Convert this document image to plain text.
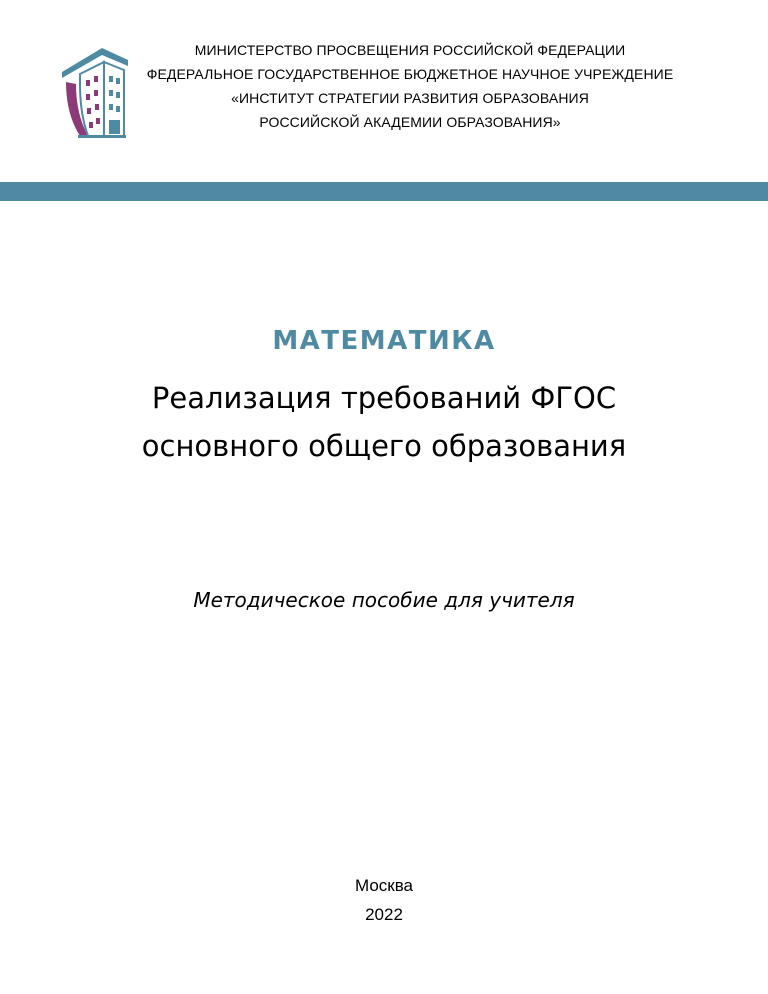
МИНИСТЕРСТВО ПРОСВЕЩЕНИЯ РОССИЙСКОЙ ФЕДЕРАЦИИ
ФЕДЕРАЛЬНОЕ ГОСУДАРСТВЕННОЕ БЮДЖЕТНОЕ НАУЧНОЕ УЧРЕЖДЕНИЕ
«ИНСТИТУТ СТРАТЕГИИ РАЗВИТИЯ ОБРАЗОВАНИЯ
РОССИЙСКОЙ АКАДЕМИИ ОБРАЗОВАНИЯ»
МАТЕМАТИКА
Реализация требований ФГОС
основного общего образования
Методическое пособие для учителя
Москва
2022
